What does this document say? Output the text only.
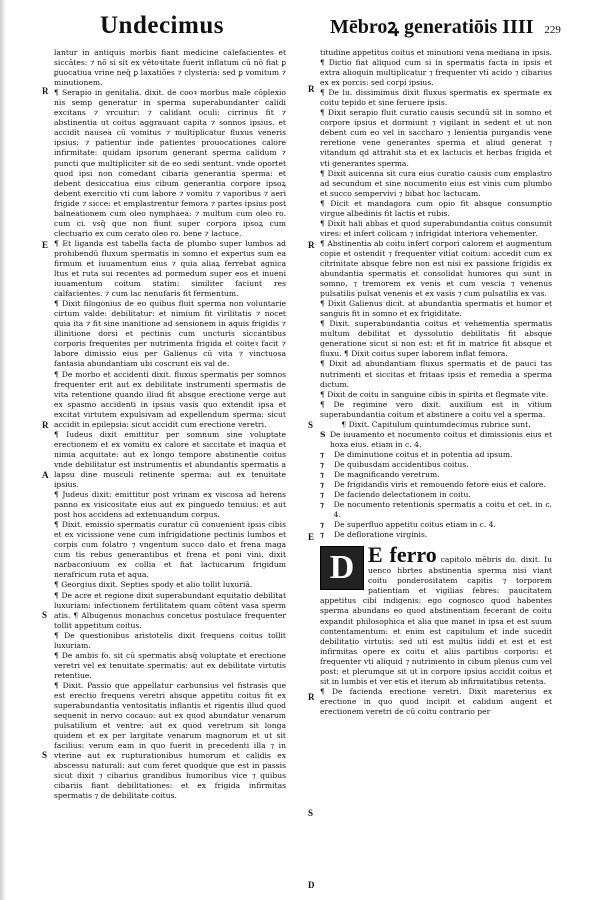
Undecimus	Mēbroꝝ generatiōis IIII 229
R
E
R
A
S
S
R
R
S
E
R
S
D

lantur in antiquis morbis fiant medicine calefacientes et siccātes: ⁊ nō si sit ex vētoꝛitate fuerit inflatum cū nō fiat ꝑ ꝑuocatiua vrine neq̄ ꝑ laxatiōes ⁊ clysteria: sed ꝑ vomitum ⁊ minutionem.

¶ Serapio in genitalia. dixit. de cooꝛ morbus male cōplexio nis semp generatur in sperma superabundanter calidi excitans ⁊ vrcuitur: ⁊ calidant oculi: cirrinus fit ⁊ abstinentia ut coitus aggrauant capita ⁊ sonnos ipsius. et accidit nausea cū vomitus ⁊ multiplicatur fluxus veneris ipsius: ⁊ patientur inde patientes prouocationes calore infirmitate: quidam ipsorum generant sperma calidum ⁊ puncti que multipliciter sit de eo sedi sentunt. vnde oportet quod ipsi non comedant cibaria generantia sperma: et debent desiccatiua eius cibum generantia corpore ipsoꝝ debent exercitio vti cum labore ⁊ vomitu ⁊ vaporibus ⁊ aeri frigide ⁊ sicce: et emplastrentur femora ⁊ partes ipsius post balneationem cum oleo nymphaea: ⁊ multum cum oleo ro. cum ci. vsq̄ que non fiunt super corpora ipsoꝝ cum clectuario ex cum cerato oleo ro. bene ⁊ lactuce.

¶ Et liganda est tabella facta de plumbo super lumbos ad prohibendū fluxum spermatis in somno et expertus sum ea firmum et iuuamentum eius ⁊ quia aliaꝝ ferrebat agnica ltus et ruta sui recentes ad pormedum super eos et inueni iuuamentum coitum statim: similiter faciunt res calfacientes. ⁊ cum lac nenufaris fit fermentum.

¶ Dixit filogonius de eo quibus fluit sperma non voluntarie cirtum valde: debilitatur: et nimium fit virilitatis ⁊ nocet quia ita ⁊ fit sine inanitione ad sensionem in aquis frigidis ⁊ illinitione dorsi et pectinis cum uncturis siccantibus corporis frequentes per nutrimenta frigida et coiteꝛ facit ⁊ labore dimissio eius per Galienus cū vita ⁊ vinctuosa fantasia abundantiam ubi coscrunt eis val de.

¶ De morbo et accidenti dixit. fluxus spermatis per somnos frequenter erit aut ex debilitate instrumenti spermatis de vita retentione quando iliud fit absque erectione verge aut ex spasmo accidenti in ipsius vasis quo extendit ipsa et excitat virtutem expulsivam ad expellendum sperma: sicut accidit in epilepsia: sicut accidit cum erectione veretri.

¶ Iudeus dixit emittitur per somnum sine voluptate erectionem et ex vomitu ex calore et siccitate et inaqua et nimia acquitate: aut ex longo tempore abstinentie coitus vnde debilitatur est instrumentis et abundantis spermatis a lapsu dine musculi retinente sperma: aut ex tenuitate ipsius.

¶ Judeus dixit: emittitur post vrinam ex viscosa ad herens panno ex visicositate eius aut ex pinguedo tenuius: et aut post hos accidens ad extenuandum corpus.

¶ Dixit. emissio spermatis curatur cū conuenient ipsis cibis et ex vicissione vene cum infrigidatione pectinis lumbos et corpis cum folatro ⁊ vngentum succo dato et frena maga cum tis rebus generantibus et frena et poni vini. dixit narbaconiuum ex collia et fiat lactucarum frigidum nerafricum ruta et aqua.

¶ Georgius dixit. Septies spody et alio tollit luxuriā.

¶ De acre et regione dixit superabundant equitatio debilitat luxuriam: infectionem fertilitatem quam cōtent vasa sperm atis. ¶ Albugenus monachus concetus postulace frequenter tollit appetitum coitus.

¶ De questionibus aristotelis dixit frequens coitus tollit luxuriam.

¶ De ambis fo. sit cū spermatis absq̄ voluptate et erectione veretri vel ex tenuitate spermatis: aut ex debilitate virtutis retentiue.

¶ Dixit. Passio que appellatur carbunsius vel fistrasis que est erectio frequens veretri absque appetitu coitus fit ex superabundantia ventositatis inflantis et rigentis illud quod sequenit in nervo cocauo: aut ex quod abundatur venarum pulsatilium et ventre: aut ex quod veretrum sit longa quidem et ex per largitate venarum magnorum et ut sit facilius: verum eam in quo fuerit in precedenti illa ⁊ in vterine aut ex rupturationibus humorum et calidis ex abscessu naturali: aut cum feret quodque que est in passis sicut dixit ⁊ cibarius grandibus humoribus vice ⁊ quibus cibariis fiant debilitationes: et ex frigida infirmitas spermatis ⁊ de debilitate coitus.

titudine appetitus coitus et minutioni vena mediana in ipsis. ¶ Dictio fiat aliquod cum si in spermatis facta in ipsis et extra alioquin multiplicatur ⁊ frequenter vti acido ⁊ cibarius ex ex porcis: sed corpi ipsius.

¶ De lu. dissimimus dixit fluxus spermatis ex spermate ex coitu tepido et sine feruere ipsis.

¶ Dixit serapio fluit curatio causis secundū sit in somno et corpore ipsius et dormiunt ⁊ vigilant in sedent et ut non debent cum eo vel in saccharo ⁊ lenientia purgandis vene reretione vene generantes sperma et aliud generat ⁊ vitandum qd attrahit sta et ex lactucis et herbas frigida et vti generantes sperma.

¶ Dixit auicenna sit cura eius curatio causis cum emplastro ad secundum et sine nocumento eius est vinis cum plumbo et succo sempervivi ⁊ bibat hoc lactucam.

¶ Dicit et mandagora cum opio fit absque consumptio virgue albedinis fit lactis et rubis.

¶ Dixit hali abbas et quod superabundantia coitus consumit vires: et infert colicam ⁊ infrigidat interiora vehementer.

¶ Abstinentia ab coitu infert corpori calorem et augmentum copie et ostendit ⁊ frequenter vitiat coitum: accedit cum ex citrinitate absque febre non est nisi ex passione frigidis ex abundantia spermatis et consolidat humores qui sunt in somno, ⁊ tremorem ex venis et cum vescia ⁊ venenus pulsatilis pulsat venenis et ex vasis ⁊ cum pulsatilia ex vas.

¶ Dixit Galienus dicit. at abundantia spermatis et humor et sanguis fit in somno et ex frigiditate.

¶ Dixit. superabundantia coitus et vehementia spermatis multum debilitat et dyssolutio debilitatis fit absque generatione sicut si non est: et fit in matrice fit absque et fluxu. ¶ Dixit coitus super laborem inflat femora.

¶ Dixit ad abundantiam fluxus spermatis et de pauci tas nutrimenti et siccitas et fritaas ipsis et remedia a sperma dictum.

¶ Dixit de coitu in sanguine cibis in spirita et flegmate vite.

¶ De regimine vero dixit. auxilium est in vitium superabundantia coitum et abstinere a coitu vel a sperma.

¶ Dixit. Capitulum quintumdecimus rubrice sunt.

S De iuuamento et nocumento coitus et dimissionis eius et hoxa eius. etiam in c. 4.
⁊	De diminutione coitus et in potentia ad ipsum.
⁊	De quibusdam accidentibus coitus.
⁊	De magnificando veretrum.
⁊	De frigidandis viris et remouendo fetore eius et calore.
⁊	De faciendo delectationem in coitu.
⁊	De nocumento retentionis spermatis a coitu et cet. in c. 4.
⁊	De superfluo appetitu coitus etiam in c. 4.
⁊	De defloratione virginis.
D E ferro capitolo mēbris do. dixit. Iu uenco hbrtes abstinentia sperma nisi viant coitu ponderositatem capitis ⁊ torporem patientiam et vigilias febres: paucitatem appetitus cibi indigenis: ego cognosco quod habentes sperma abundans eo quod abstinentiam fecerant de coitu expandit philosophica et alia que manet in ipsa et est suum contentamentum: et enim est capitulum et inde sucedit debilitatio virtutis: sed uti est multis iiddi et est et est infirmitas opere ex coitu et aliis partibus corporis: et frequenter vti aliquid ⁊ nutrimento in cibum plenus cum vel post: et plerumque sit ut in corpore ipsius accidit coitus et sit in lumbis et ver etis et iterum ab infirmitatibus retenta.

¶ De facienda erectione veretri. Dixit mareterius ex erectione in quo quod incipit et calidum augent et erectionem veretri de cū coitu contrario per
